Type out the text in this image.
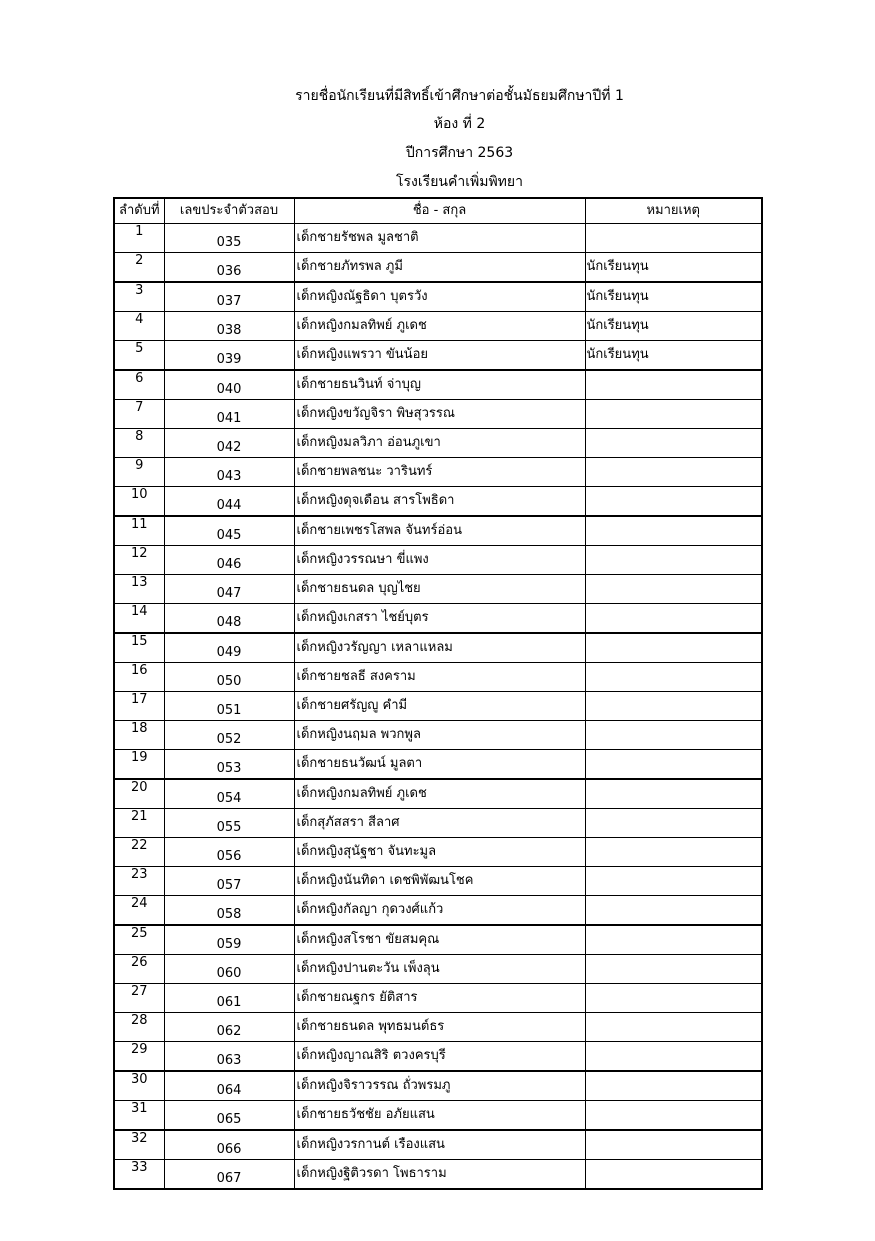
รายชื่อนักเรียนที่มีสิทธิ์เข้าศึกษาต่อชั้นมัธยมศึกษาปีที่ 1
ห้อง ที่ 2
ปีการศึกษา 2563
โรงเรียนคำเพิ่มพิทยา
ลำดับที่	เลขประจำตัวสอบ	ชื่อ - สกุล	หมายเหตุ
1	035	เด็กชายรัชพล มูลชาติ	
2	036	เด็กชายภัทรพล ภูมี	นักเรียนทุน
3	037	เด็กหญิงณัฐธิดา บุตรวัง	นักเรียนทุน
4	038	เด็กหญิงกมลทิพย์ ภูเดช	นักเรียนทุน
5	039	เด็กหญิงแพรวา ขันน้อย	นักเรียนทุน
6	040	เด็กชายธนวินท์ จ่าบุญ	
7	041	เด็กหญิงขวัญจิรา พิษสุวรรณ	
8	042	เด็กหญิงมลวิภา อ่อนภูเขา	
9	043	เด็กชายพลชนะ วารินทร์	
10	044	เด็กหญิงดุจเดือน สารโพธิดา	
11	045	เด็กชายเพชรโสพล จันทร์อ่อน	
12	046	เด็กหญิงวรรณษา ขี่แพง	
13	047	เด็กชายธนดล บุญไชย	
14	048	เด็กหญิงเกสรา ไชย์บุตร	
15	049	เด็กหญิงวรัญญา เหลาแหลม	
16	050	เด็กชายชลธี สงคราม	
17	051	เด็กชายศรัญญู คำมี	
18	052	เด็กหญิงนฤมล พวกพูล	
19	053	เด็กชายธนวัฒน์ มูลตา	
20	054	เด็กหญิงกมลทิพย์ ภูเดช	
21	055	เด็กสุภัสสรา สีลาศ	
22	056	เด็กหญิงสุนัฐชา จันทะมูล	
23	057	เด็กหญิงนันทิดา เดชพิพัฒนโชค	
24	058	เด็กหญิงกัลญา กุดวงศ์แก้ว	
25	059	เด็กหญิงสโรชา ขัยสมคุณ	
26	060	เด็กหญิงปานตะวัน เพ็งลุน	
27	061	เด็กชายณฐกร ยัติสาร	
28	062	เด็กชายธนดล พุทธมนต์ธร	
29	063	เด็กหญิงญาณสิริ ตวงครบุรี	
30	064	เด็กหญิงจิราวรรณ ถั่วพรมภู	
31	065	เด็กชายธวัชชัย อภัยแสน	
32	066	เด็กหญิงวรกานต์ เรืองแสน	
33	067	เด็กหญิงฐิติวรดา โพธาราม	
